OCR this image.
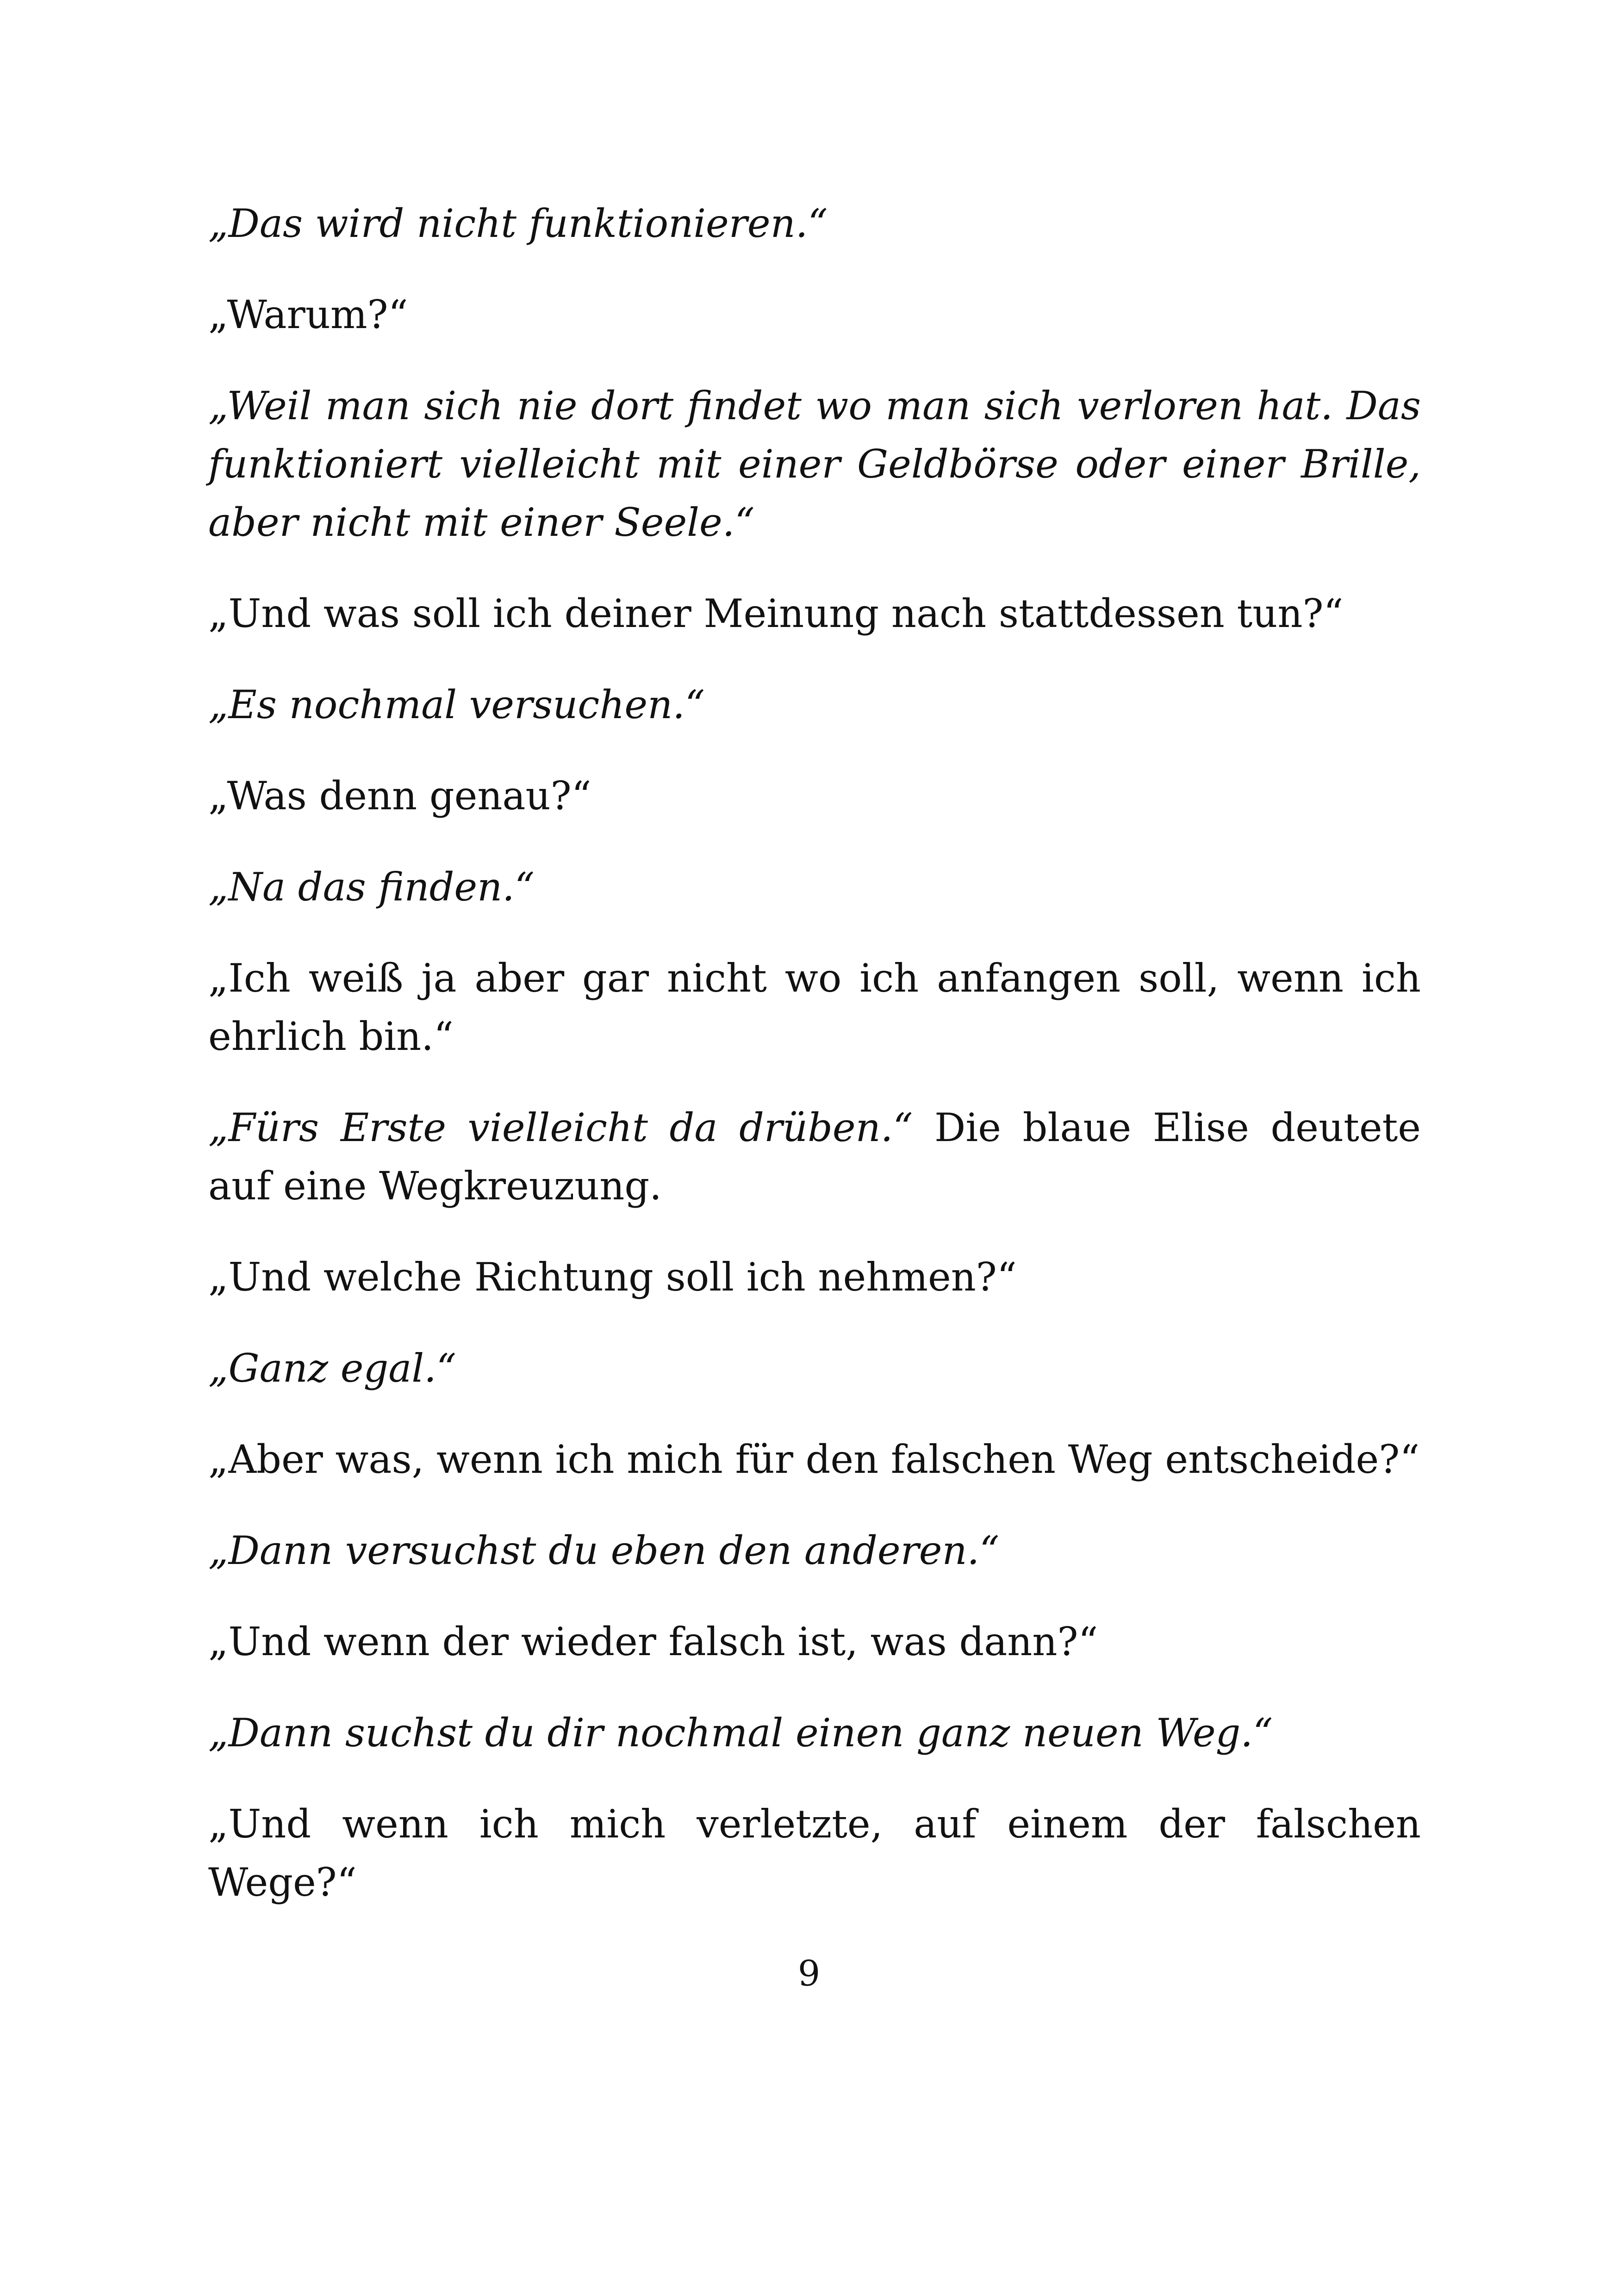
„Das wird nicht funktionieren.“

„Warum?“

„Weil man sich nie dort findet wo man sich verloren hat. Das funktioniert vielleicht mit einer Geldbörse oder einer Brille, aber nicht mit einer Seele.“

„Und was soll ich deiner Meinung nach stattdessen tun?“

„Es nochmal versuchen.“

„Was denn genau?“

„Na das finden.“

„Ich weiß ja aber gar nicht wo ich anfangen soll, wenn ich ehrlich bin.“

„Fürs Erste vielleicht da drüben.“ Die blaue Elise deutete auf eine Wegkreuzung.

„Und welche Richtung soll ich nehmen?“

„Ganz egal.“

„Aber was, wenn ich mich für den falschen Weg entscheide?“

„Dann versuchst du eben den anderen.“

„Und wenn der wieder falsch ist, was dann?“

„Dann suchst du dir nochmal einen ganz neuen Weg.“

„Und wenn ich mich verletzte, auf einem der falschen Wege?“

9
